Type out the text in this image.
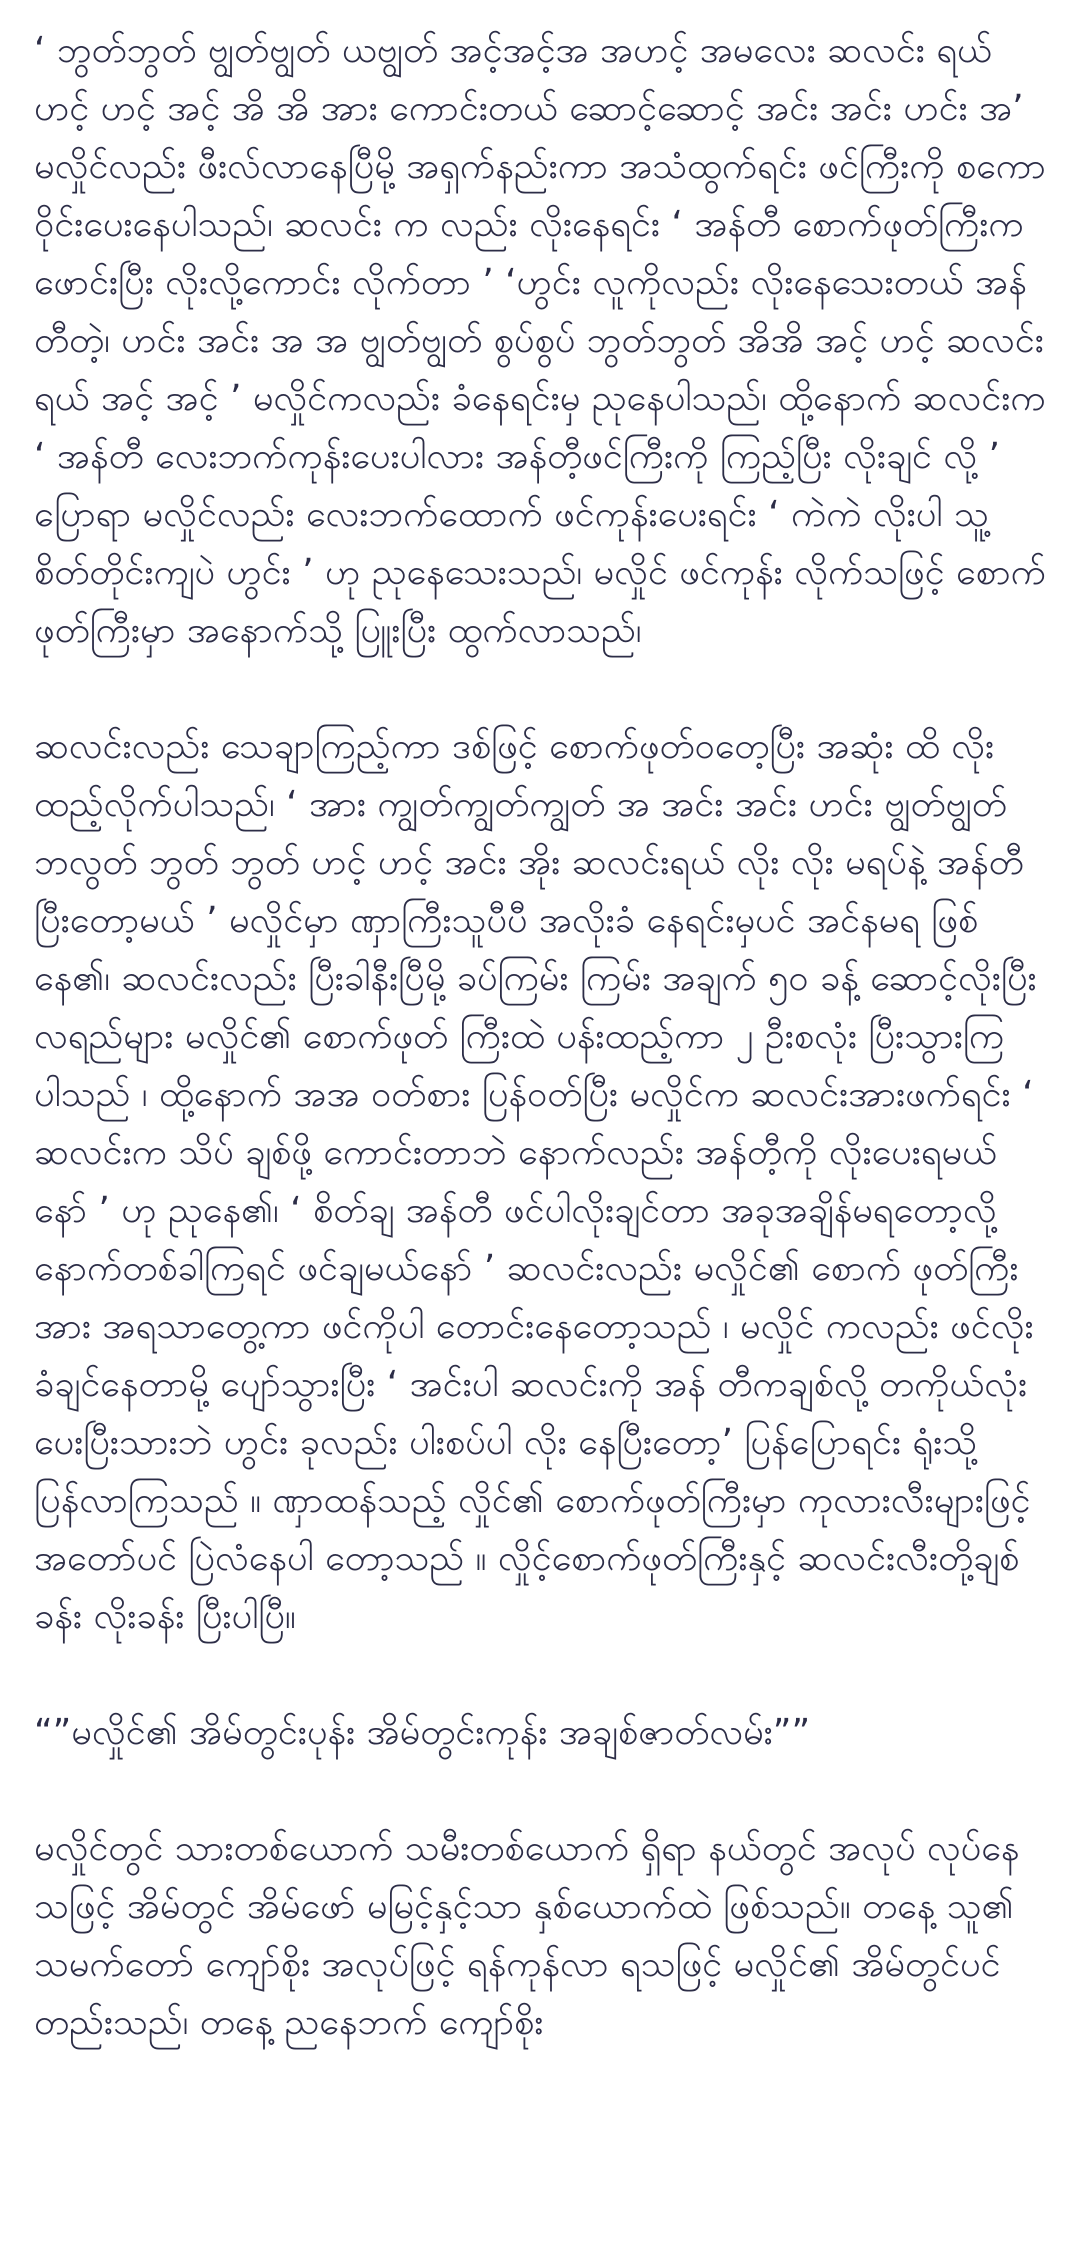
‘ ဘွတ်ဘွတ် ဗျွတ်ဗျွတ် ယဗျွတ် အင့်အင့်အ အဟင့် အမလေး ဆလင်း ရယ် ဟင့် ဟင့် အင့် အိ အိ အား ကောင်းတယ် ဆောင့်ဆောင့် အင်း အင်း ဟင်း အ’ မလှိုင်လည်း ဖီးလ်လာနေပြီမို့ အရှက်နည်းကာ အသံထွက်ရင်း ဖင်ကြီးကို စကောဝိုင်းပေးနေပါသည်၊ ဆလင်း က လည်း လိုးနေရင်း ‘ အန်တီ စောက်ဖုတ်ကြီးက ဖောင်းပြီး လိုးလို့ကောင်း လိုက်တာ ’ ‘ဟွင်း လူကိုလည်း လိုးနေသေးတယ် အန်တီတဲ့၊ ဟင်း အင်း အ အ ဗျွတ်ဗျွတ် စွပ်စွပ် ဘွတ်ဘွတ် အိအိ အင့် ဟင့် ဆလင်းရယ် အင့် အင့် ’ မလှိုင်ကလည်း ခံနေရင်းမှ ညုနေပါသည်၊ ထို့နောက် ဆလင်းက ‘ အန်တီ လေးဘက်ကုန်းပေးပါလား အန်တီ့ဖင်ကြီးကို ကြည့်ပြီး လိုးချင် လို့ ’ ပြောရာ မလှိုင်လည်း လေးဘက်ထောက် ဖင်ကုန်းပေးရင်း ‘ ကဲကဲ လိုးပါ သူ့စိတ်တိုင်းကျပဲ ဟွင်း ’ ဟု ညုနေသေးသည်၊ မလှိုင် ဖင်ကုန်း လိုက်သဖြင့် စောက်ဖုတ်ကြီးမှာ အနောက်သို့ ပြူးပြီး ထွက်လာသည်၊

ဆလင်းလည်း သေချာကြည့်ကာ ဒစ်ဖြင့် စောက်ဖုတ်ဝတေ့ပြီး အဆုံး ထိ လိုးထည့်လိုက်ပါသည်၊ ‘ အား ကျွတ်ကျွတ်ကျွတ် အ အင်း အင်း ဟင်း ဗျွတ်ဗျွတ် ဘလွတ် ဘွတ် ဘွတ် ဟင့် ဟင့် အင်း အိုး ဆလင်းရယ် လိုး လိုး မရပ်နဲ့ အန်တီ ပြီးတော့မယ် ’ မလှိုင်မှာ ဏှာကြီးသူပီပီ အလိုးခံ နေရင်းမှပင် အင်နမရ ဖြစ်နေ၏၊ ဆလင်းလည်း ပြီးခါနီးပြီမို့ ခပ်ကြမ်း ကြမ်း အချက် ၅၀ ခန့် ဆောင့်လိုးပြီး လရည်များ မလှိုင်၏ စောက်ဖုတ် ကြီးထဲ ပန်းထည့်ကာ ၂ ဦးစလုံး ပြီးသွားကြပါသည် ၊ ထို့နောက် အအ ဝတ်စား ပြန်ဝတ်ပြီး မလှိုင်က ဆလင်းအားဖက်ရင်း ‘ ဆလင်းက သိပ် ချစ်ဖို့ ကောင်းတာဘဲ နောက်လည်း အန်တီ့ကို လိုးပေးရမယ်နော် ’ ဟု ညုနေ၏၊ ‘ စိတ်ချ အန်တီ ဖင်ပါလိုးချင်တာ အခုအချိန်မရတော့လို့ နောက်တစ်ခါကြရင် ဖင်ချမယ်နော် ’ ဆလင်းလည်း မလှိုင်၏ စောက် ဖုတ်ကြီးအား အရသာတွေ့ကာ ဖင်ကိုပါ တောင်းနေတော့သည် ၊ မလှိုင် ကလည်း ဖင်လိုးခံချင်နေတာမို့ ပျော်သွားပြီး ‘ အင်းပါ ဆလင်းကို အန် တီကချစ်လို့ တကိုယ်လုံး ပေးပြီးသားဘဲ ဟွင်း ခုလည်း ပါးစပ်ပါ လိုး နေပြီးတော့’ ပြန်ပြောရင်း ရုံးသို့ပြန်လာကြသည် ။ ဏှာထန်သည့် လှိုင်၏ စောက်ဖုတ်ကြီးမှာ ကုလားလီးများဖြင့် အတော်ပင် ပြဲလံနေပါ တော့သည် ။ လှိုင့်စောက်ဖုတ်ကြီးနှင့် ဆလင်းလီးတို့ချစ်ခန်း လိုးခန်း ပြီးပါပြီ။

“”မလှိုင်၏ အိမ်တွင်းပုန်း အိမ်တွင်းကုန်း အချစ်ဇာတ်လမ်း””

မလှိုင်တွင် သားတစ်ယောက် သမီးတစ်ယောက် ရှိရာ နယ်တွင် အလုပ် လုပ်နေသဖြင့် အိမ်တွင် အိမ်ဖော် မမြင့်နှင့်သာ နှစ်ယောက်ထဲ ဖြစ်သည်။ တနေ့ သူ၏ သမက်တော် ကျော်စိုး အလုပ်ဖြင့် ရန်ကုန်လာ ရသဖြင့် မလှိုင်၏ အိမ်တွင်ပင် တည်းသည်၊ တနေ့ ညနေဘက် ကျော်စိုး
